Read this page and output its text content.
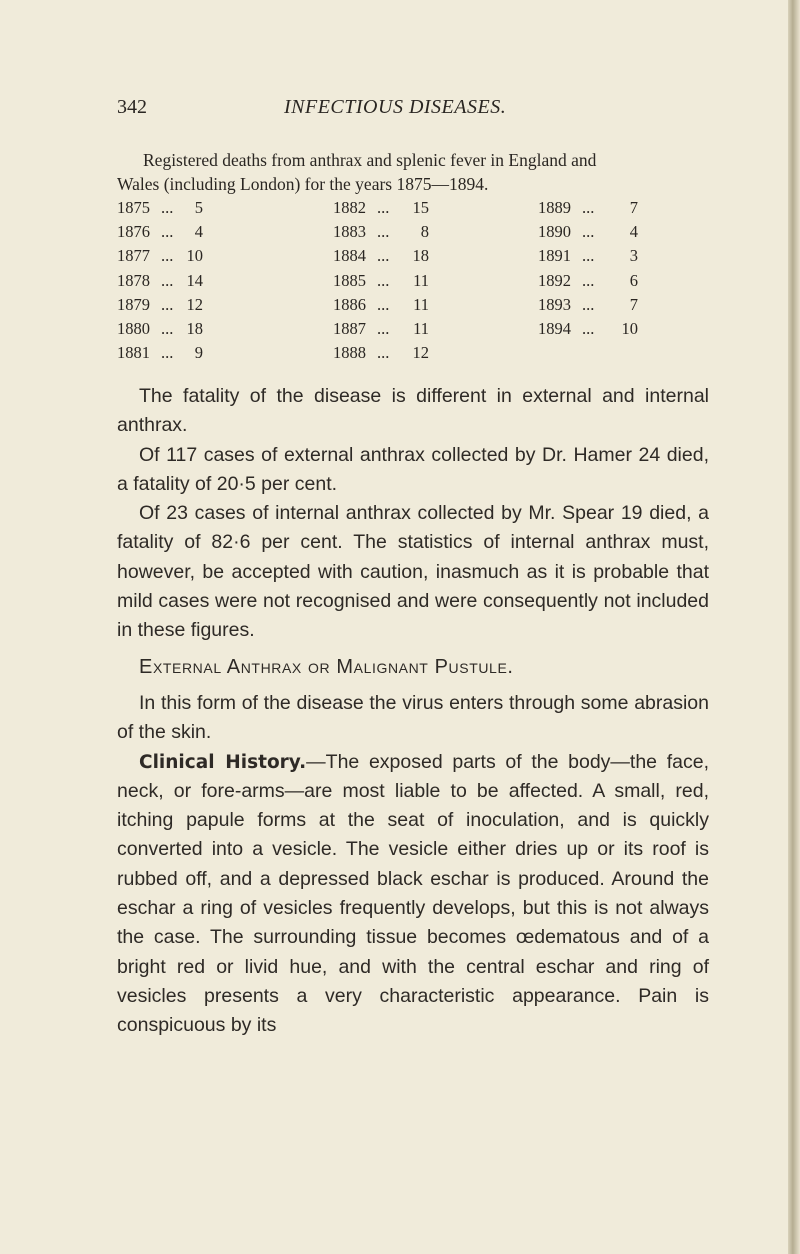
342	INFECTIOUS DISEASES.
Registered deaths from anthrax and splenic fever in England and
Wales (including London) for the years 1875—1894.
1875 ...	5
1876 ...	4
1877 ... 10
1878 ... 14
1879 ... 12
1880 ... 18
1881 ...	9
1882 ... 15
1883 ...	8
1884 ... 18
1885 ... 11
1886 ... 11
1887 ... 11
1888 ... 12
1889 ...	7
1890 ...	4
1891 ...	3
1892 ...	6
1893 ...	7
1894 ... 10

The fatality of the disease is different in external and internal anthrax.

Of 117 cases of external anthrax collected by Dr. Hamer 24 died, a fatality of 20·5 per cent.

Of 23 cases of internal anthrax collected by Mr. Spear 19 died, a fatality of 82·6 per cent. The statistics of internal anthrax must, however, be accepted with caution, inasmuch as it is probable that mild cases were not recognised and were consequently not included in these figures.

External Anthrax or Malignant Pustule.

In this form of the disease the virus enters through some abrasion of the skin.

Clinical History.—The exposed parts of the body—the face, neck, or fore-arms—are most liable to be affected. A small, red, itching papule forms at the seat of inoculation, and is quickly converted into a vesicle. The vesicle either dries up or its roof is rubbed off, and a depressed black eschar is produced. Around the eschar a ring of vesicles frequently develops, but this is not always the case. The surrounding tissue becomes œdematous and of a bright red or livid hue, and with the central eschar and ring of vesicles presents a very characteristic appearance. Pain is conspicuous by its
